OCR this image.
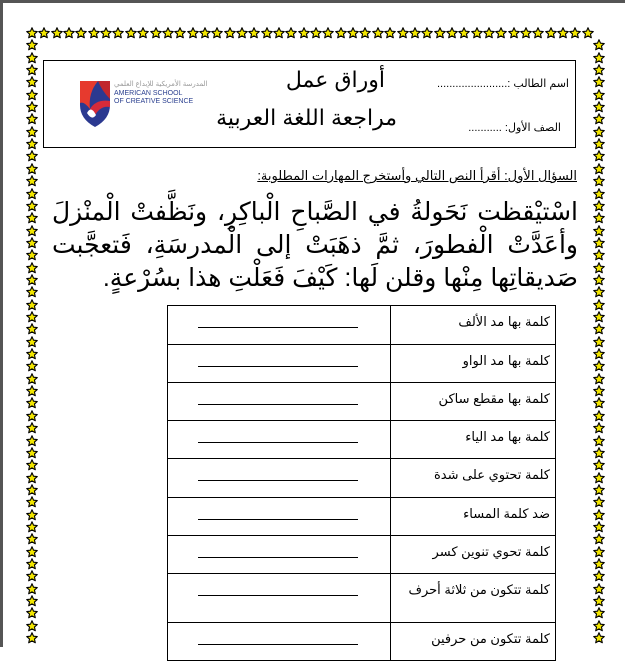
أوراق عمل
مراجعة اللغة العربية
اسم الطالب :.......................
الصف الأول: ...........
المدرسة الأمريكية للإبداع العلمي
AMERICAN SCHOOL
OF CREATIVE SCIENCE
السؤال الأول: أقرأ النص التالي وأستخرج المهارات المطلوبة:
اسْتيْقظت نَحَولةُ في الصَّباحِ الْباكِرِ، ونَظَّفتْ الْمنْزلَ وأعَدَّتْ الْفطورَ، ثمَّ ذهَبَتْ إلى الْمدرسَةِ، فَتعجَّبت صَديقاتِها مِنْها وقلن لَها: كَيْفَ فَعَلْتِ هذا بسُرْعةٍ.
	كلمة بها مد الألف

	كلمة بها مد الواو

	كلمة بها مقطع ساكن

	كلمة بها مد الياء

	كلمة تحتوي على شدة

	ضد كلمة المساء

	كلمة تحوي تنوين كسر

	كلمة تتكون من ثلاثة أحرف

	كلمة تتكون من حرفين
